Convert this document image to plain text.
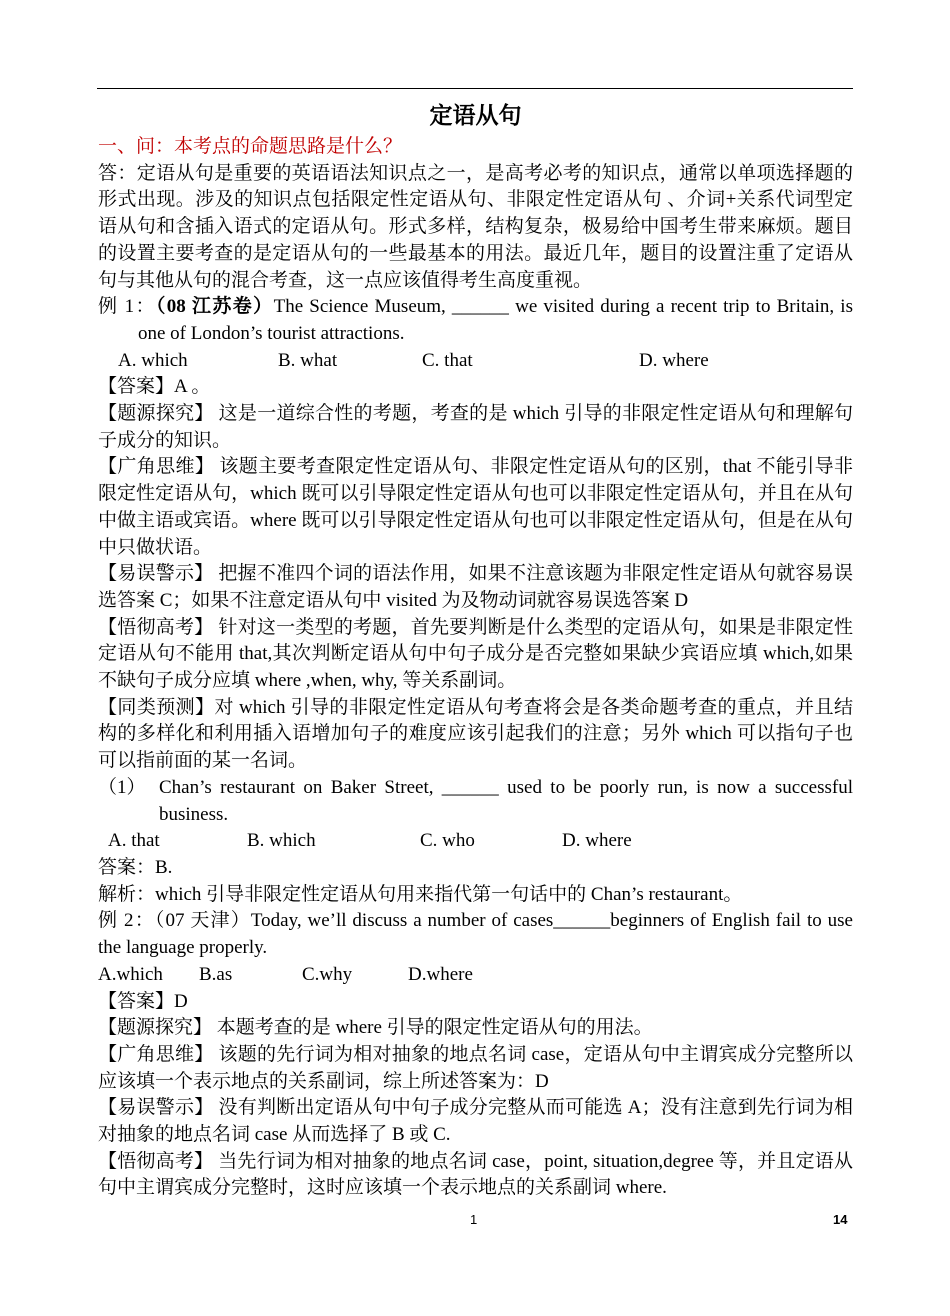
定语从句

一、问：本考点的命题思路是什么？

答：定语从句是重要的英语语法知识点之一，是高考必考的知识点，通常以单项选择题的形式出现。涉及的知识点包括限定性定语从句、非限定性定语从句 、介词+关系代词型定语从句和含插入语式的定语从句。形式多样，结构复杂，极易给中国考生带来麻烦。题目的设置主要考查的是定语从句的一些最基本的用法。最近几年，题目的设置注重了定语从句与其他从句的混合考查，这一点应该值得考生高度重视。

例 1：（08 江苏卷）The Science Museum, ______ we visited during a recent trip to Britain, is one of London’s tourist attractions.

A. which	B. what	C. that	D. where

【答案】A 。

【题源探究】 这是一道综合性的考题，考查的是 which 引导的非限定性定语从句和理解句子成分的知识。

【广角思维】 该题主要考查限定性定语从句、非限定性定语从句的区别，that 不能引导非限定性定语从句，which 既可以引导限定性定语从句也可以非限定性定语从句，并且在从句中做主语或宾语。where 既可以引导限定性定语从句也可以非限定性定语从句，但是在从句中只做状语。

【易误警示】 把握不准四个词的语法作用，如果不注意该题为非限定性定语从句就容易误选答案 C；如果不注意定语从句中 visited 为及物动词就容易误选答案 D

【悟彻高考】 针对这一类型的考题，首先要判断是什么类型的定语从句，如果是非限定性定语从句不能用 that,其次判断定语从句中句子成分是否完整如果缺少宾语应填 which,如果不缺句子成分应填 where ,when, why, 等关系副词。

【同类预测】对 which 引导的非限定性定语从句考查将会是各类命题考查的重点，并且结构的多样化和利用插入语增加句子的难度应该引起我们的注意；另外 which 可以指句子也可以指前面的某一名词。

（1） Chan’s restaurant on Baker Street, ______ used to be poorly run, is now a successful business.

A. that	B. which	C. who	D. where

答案：B.

解析：which 引导非限定性定语从句用来指代第一句话中的 Chan’s restaurant。

例 2：（07 天津）Today, we’ll discuss a number of cases______beginners of English fail to use the language properly.

A.which	B.as	C.why	D.where

【答案】D

【题源探究】 本题考查的是 where 引导的限定性定语从句的用法。

【广角思维】 该题的先行词为相对抽象的地点名词 case，定语从句中主谓宾成分完整所以应该填一个表示地点的关系副词，综上所述答案为：D

【易误警示】 没有判断出定语从句中句子成分完整从而可能选 A；没有注意到先行词为相对抽象的地点名词 case 从而选择了 B 或 C.

【悟彻高考】 当先行词为相对抽象的地点名词 case，point, situation,degree 等，并且定语从句中主谓宾成分完整时，这时应该填一个表示地点的关系副词 where.

1	14
